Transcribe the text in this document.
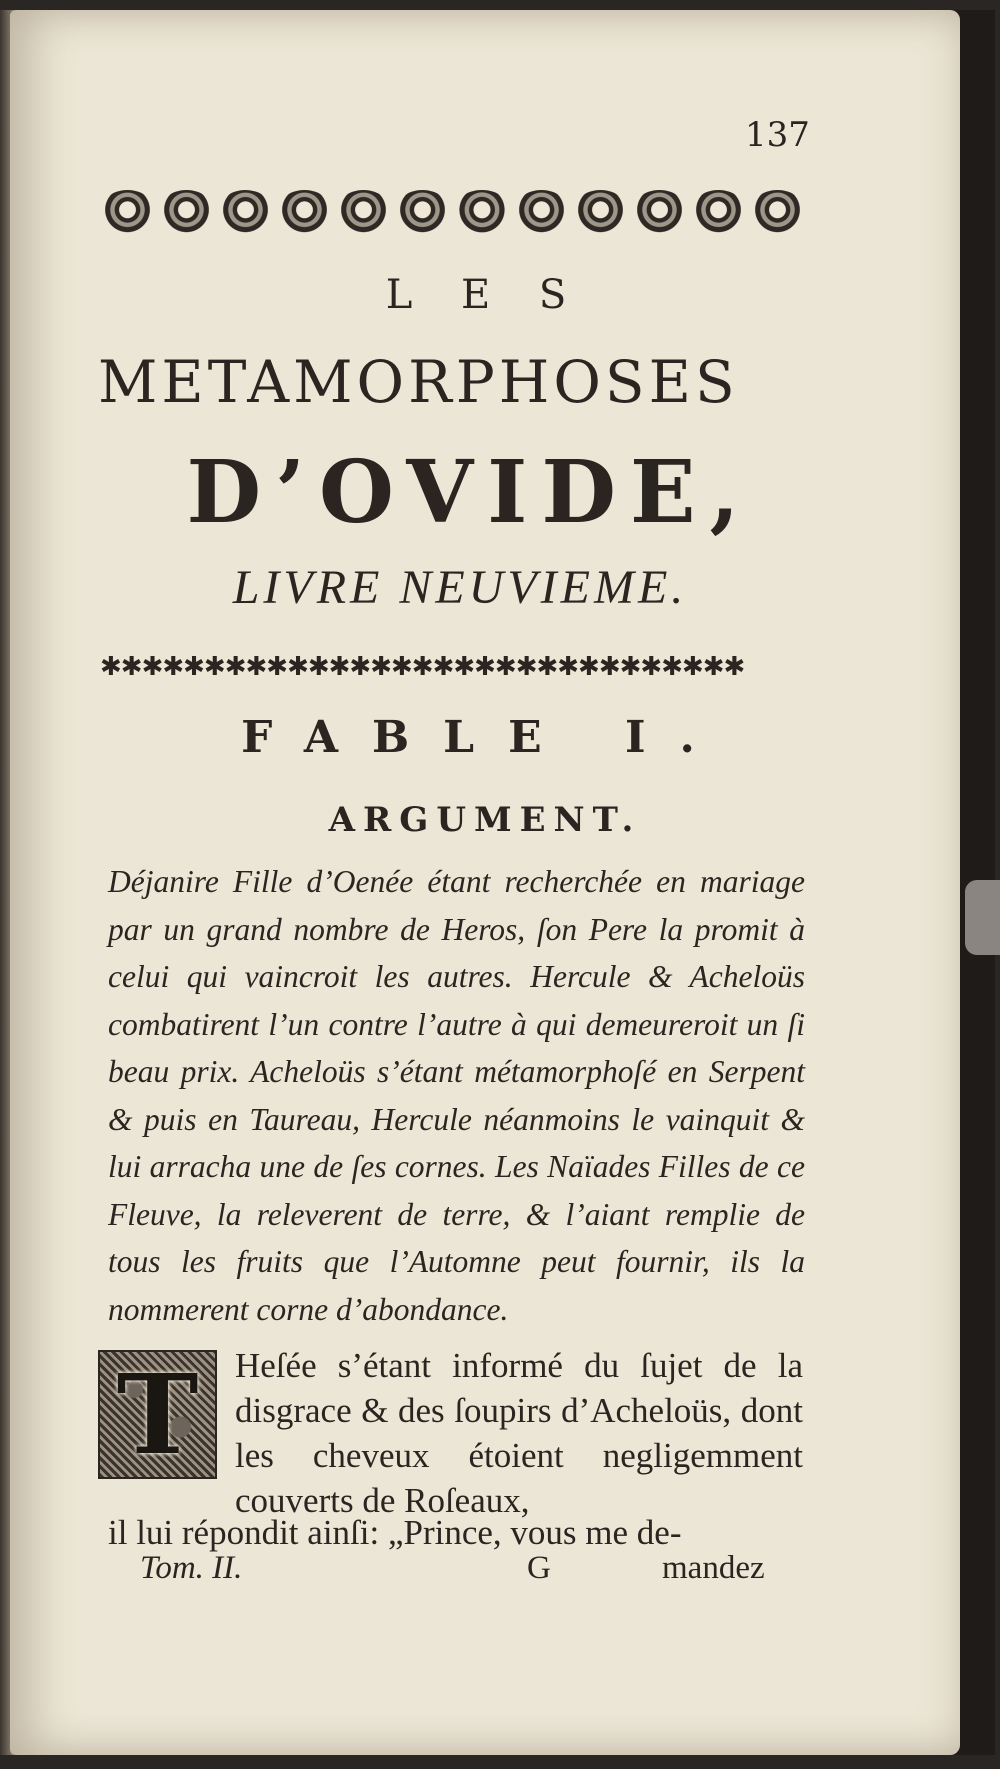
137
L E S
METAMORPHOSES
D’OVIDE,
LIVRE NEUVIEME.
✱✱✱✱✱✱✱✱✱✱✱✱✱✱✱✱✱✱✱✱✱✱✱✱✱✱✱✱✱✱✱
FABLE I.
ARGUMENT.
Déjanire Fille d’Oenée étant recherchée en mariage par un grand nombre de Heros, ſon Pere la promit à celui qui vaincroit les autres. Hercule & Acheloüs combatirent l’un contre l’autre à qui demeureroit un ſi beau prix. Acheloüs s’étant métamorphoſé en Serpent & puis en Taureau, Hercule néanmoins le vainquit & lui arracha une de ſes cornes. Les Naïades Filles de ce Fleuve, la releverent de terre, & l’aiant remplie de tous les fruits que l’Automne peut fournir, ils la nommerent corne d’abondance.
T Heſée s’étant informé du ſujet de la disgrace & des ſoupirs d’Acheloüs, dont les cheveux étoient negligemment couverts de Roſeaux,
il lui répondit ainſi: „Prince, vous me de-
Tom. II.	G	mandez
